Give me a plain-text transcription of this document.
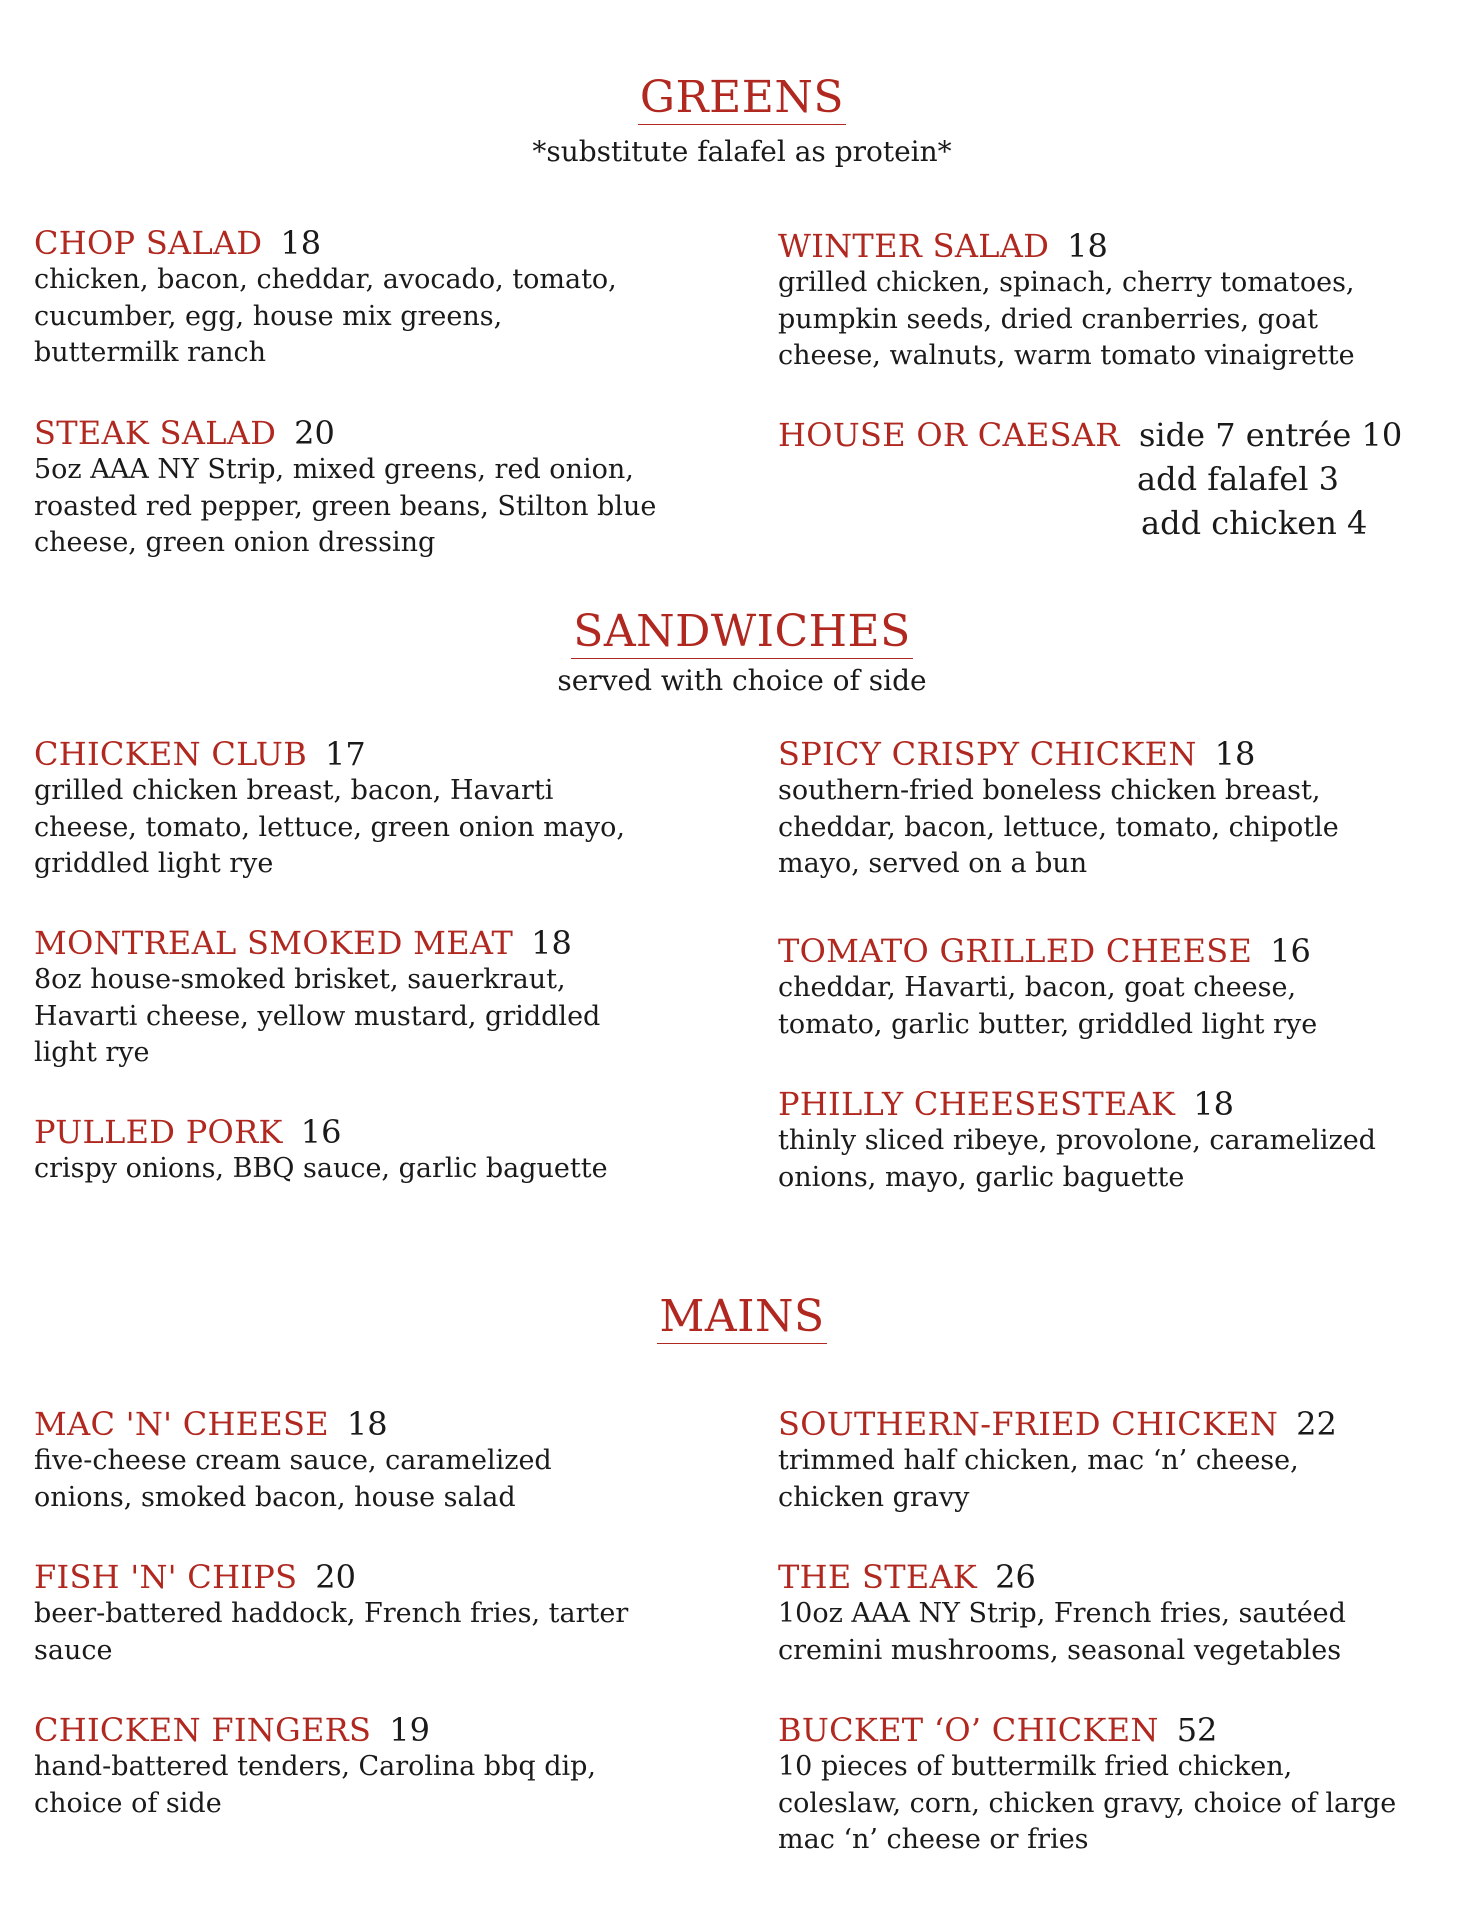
GREENS
*substitute falafel as protein*
CHOP SALAD 18
chicken, bacon, cheddar, avocado, tomato,
cucumber, egg, house mix greens,
buttermilk ranch
STEAK SALAD 20
5oz AAA NY Strip, mixed greens, red onion,
roasted red pepper, green beans, Stilton blue
cheese, green onion dressing
WINTER SALAD 18
grilled chicken, spinach, cherry tomatoes,
pumpkin seeds, dried cranberries, goat
cheese, walnuts, warm tomato vinaigrette
HOUSE OR CAESAR side 7 entrée 10
add falafel 3
add chicken 4
SANDWICHES
served with choice of side
CHICKEN CLUB 17
grilled chicken breast, bacon, Havarti
cheese, tomato, lettuce, green onion mayo,
griddled light rye
MONTREAL SMOKED MEAT 18
8oz house-smoked brisket, sauerkraut,
Havarti cheese, yellow mustard, griddled
light rye
PULLED PORK 16
crispy onions, BBQ sauce, garlic baguette
SPICY CRISPY CHICKEN 18
southern-fried boneless chicken breast,
cheddar, bacon, lettuce, tomato, chipotle
mayo, served on a bun
TOMATO GRILLED CHEESE 16
cheddar, Havarti, bacon, goat cheese,
tomato, garlic butter, griddled light rye
PHILLY CHEESESTEAK 18
thinly sliced ribeye, provolone, caramelized
onions, mayo, garlic baguette
MAINS
MAC 'N' CHEESE 18
five-cheese cream sauce, caramelized
onions, smoked bacon, house salad
FISH 'N' CHIPS 20
beer-battered haddock, French fries, tarter
sauce
CHICKEN FINGERS 19
hand-battered tenders, Carolina bbq dip,
choice of side
SOUTHERN-FRIED CHICKEN 22
trimmed half chicken, mac ‘n’ cheese,
chicken gravy
THE STEAK 26
10oz AAA NY Strip, French fries, sautéed
cremini mushrooms, seasonal vegetables
BUCKET ‘O’ CHICKEN 52
10 pieces of buttermilk fried chicken,
coleslaw, corn, chicken gravy, choice of large
mac ‘n’ cheese or fries
